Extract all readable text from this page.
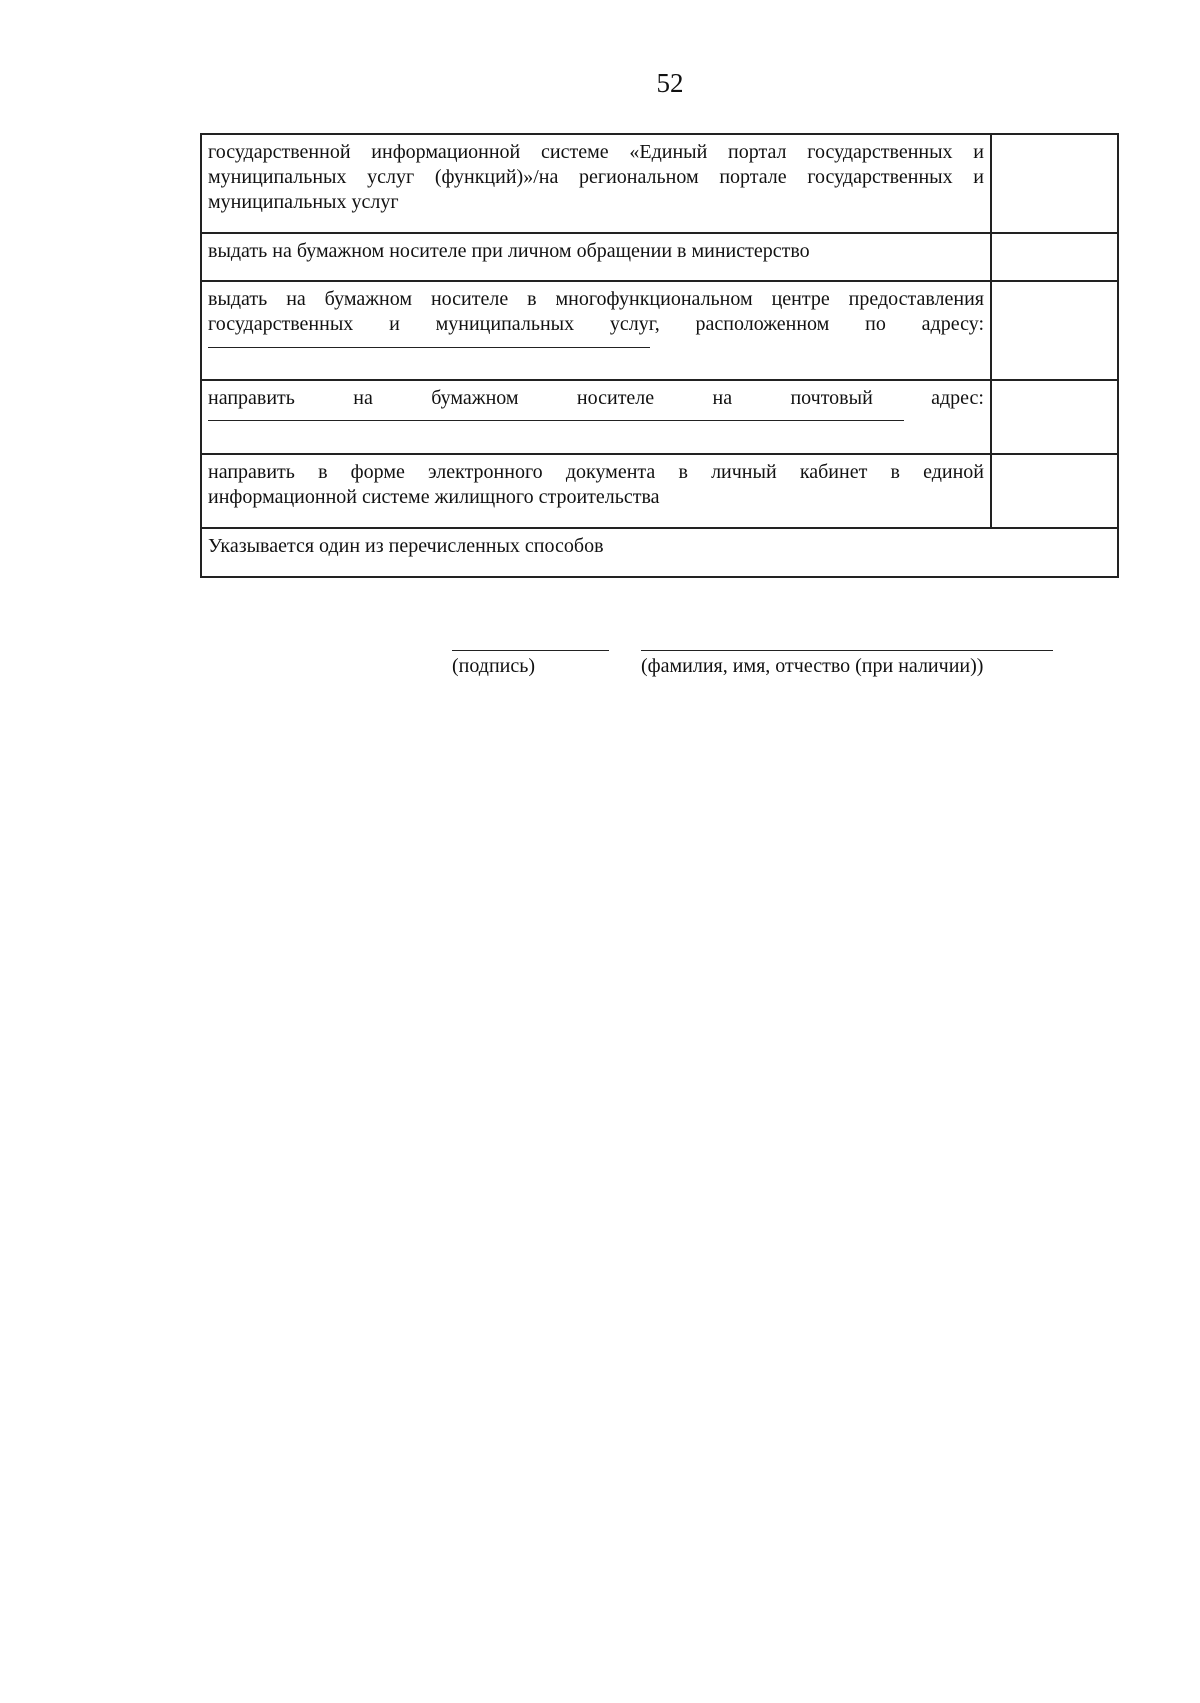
52
государственной информационной системе «Единый портал государственных и
муниципальных услуг (функций)»/на региональном портале государственных и
муниципальных услуг	

выдать на бумажном носителе при личном обращении в министерство	

выдать на бумажном носителе в многофункциональном центре предоставления
государственных и муниципальных услуг, расположенном по адресу:	

направить на бумажном носителе на почтовый адрес:	

направить в форме электронного документа в личный кабинет в единой
информационной системе жилищного строительства	

Указывается один из перечисленных способов	
(подпись)	(фамилия, имя, отчество (при наличии))
